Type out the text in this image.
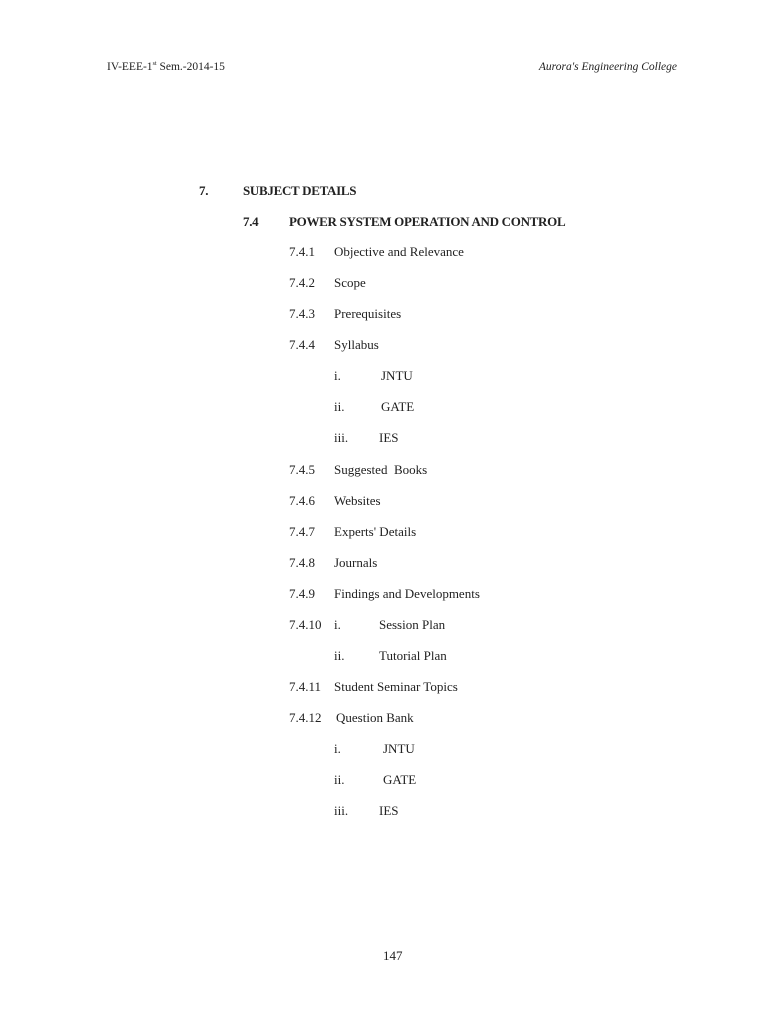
IV-EEE-1st Sem.-2014-15	Aurora's Engineering College
7.	SUBJECT DETAILS
7.4 POWER SYSTEM OPERATION AND CONTROL
7.4.1 Objective and Relevance
7.4.2 Scope
7.4.3 Prerequisites
7.4.4 Syllabus
i.	JNTU
ii.	GATE
iii. IES
7.4.5 Suggested  Books
7.4.6 Websites
7.4.7 Experts' Details
7.4.8 Journals
7.4.9 Findings and Developments
7.4.10 i.	Session Plan
ii.	Tutorial Plan
7.4.11 Student Seminar Topics
7.4.12 Question Bank
i.	JNTU
ii.	GATE
iii. IES
147
